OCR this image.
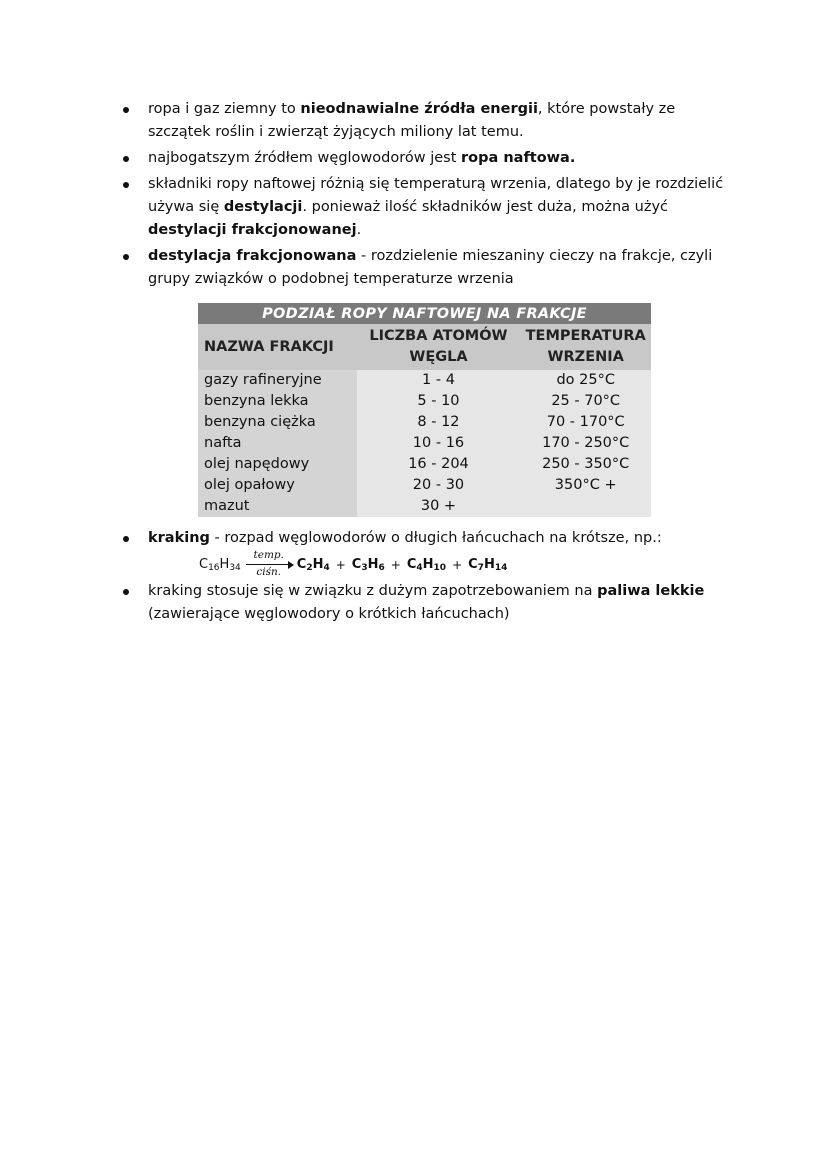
ropa i gaz ziemny to nieodnawialne źródła energii, które powstały ze szczątek roślin i zwierząt żyjących miliony lat temu.
najbogatszym źródłem węglowodorów jest ropa naftowa.
składniki ropy naftowej różnią się temperaturą wrzenia, dlatego by je rozdzielić używa się destylacji. ponieważ ilość składników jest duża, można użyć destylacji frakcjonowanej.
destylacja frakcjonowana - rozdzielenie mieszaniny cieczy na frakcje, czyli grupy związków o podobnej temperaturze wrzenia
PODZIAŁ ROPY NAFTOWEJ NA FRAKCJE		
NAZWA FRAKCJI	LICZBA ATOMÓW WĘGLA	TEMPERATURA WRZENIA
gazy rafineryjne	1 - 4	do 25°C
benzyna lekka	5 - 10	25 - 70°C
benzyna ciężka	8 - 12	70 - 170°C
nafta	10 - 16	170 - 250°C
olej napędowy	16 - 204	250 - 350°C
olej opałowy	20 - 30	350°C +
mazut	30 +	
kraking - rozpad węglowodorów o długich łańcuchach na krótsze, np.:
$C_{16}H_{34}$
temp.
ciśn.	$C_2H_4 + C_3H_6 + C_4H_{10} + C_7H_{14}$
kraking stosuje się w związku z dużym zapotrzebowaniem na paliwa lekkie (zawierające węglowodory o krótkich łańcuchach)
